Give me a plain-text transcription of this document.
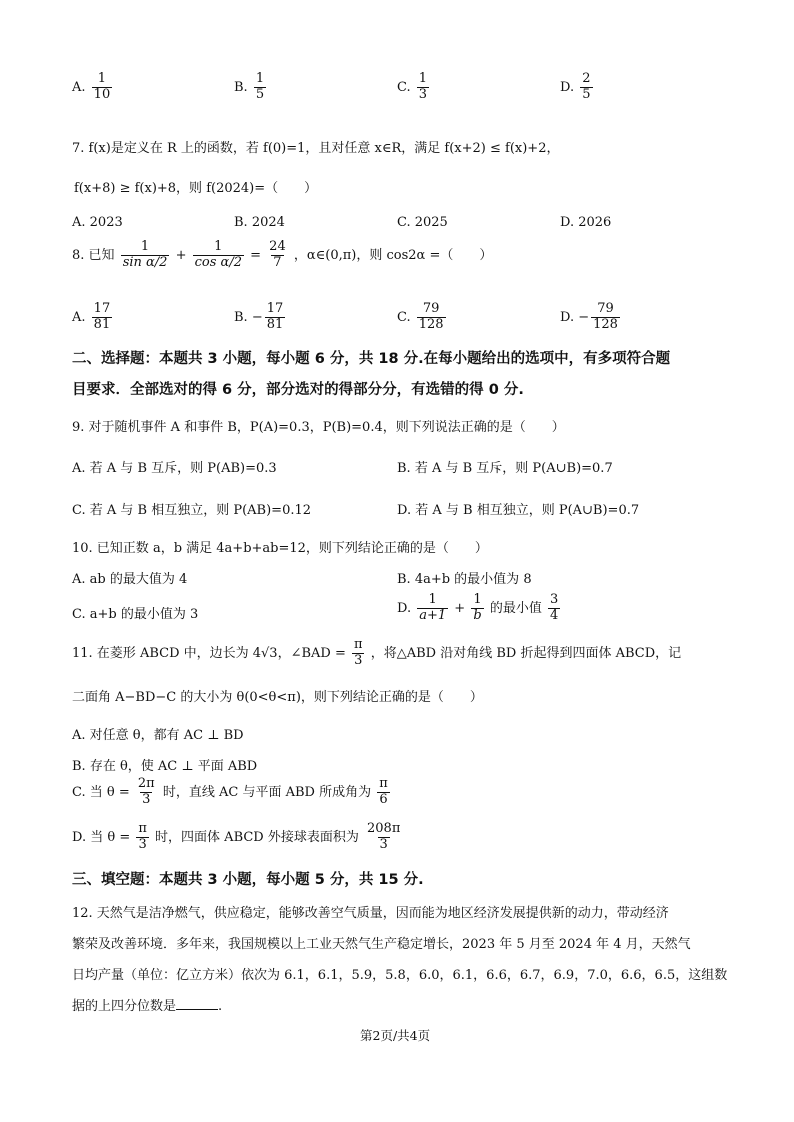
A. $\frac{1}{10}$	B. $\frac{1}{5}$	C. $\frac{1}{3}$	D. $\frac{2}{5}$
7. f(x)是定义在 R 上的函数，若 f(0)=1，且对任意 x∈R，满足 f(x+2) ≤ f(x)+2，
f(x+8) ≥ f(x)+8，则 f(2024)=（　　）
A. 2023	B. 2024	C. 2025	D. 2026
8. 已知 $\frac{1}{\text{sin α/2}} + \frac{1}{\text{cos α/2}} = \frac{24}{7}$ ，α∈(0,π)，则 cos2α =（　　）
A. $\frac{17}{81}$	B. − $\frac{17}{81}$	C. $\frac{79}{128}$	D. − $\frac{79}{128}$
二、选择题：本题共 3 小题，每小题 6 分，共 18 分.在每小题给出的选项中，有多项符合题
目要求．全部选对的得 6 分，部分选对的得部分分，有选错的得 0 分.
9. 对于随机事件 A 和事件 B，P(A)=0.3，P(B)=0.4，则下列说法正确的是（　　）
A. 若 A 与 B 互斥，则 P(AB)=0.3	B. 若 A 与 B 互斥，则 P(A∪B)=0.7
C. 若 A 与 B 相互独立，则 P(AB)=0.12	D. 若 A 与 B 相互独立，则 P(A∪B)=0.7
10. 已知正数 a，b 满足 4a+b+ab=12，则下列结论正确的是（　　）
A. ab 的最大值为 4	B. 4a+b 的最小值为 8
C. a+b 的最小值为 3	D. $\frac{1}{a+1} + \frac{1}{b}$ 的最小值 $\frac{3}{4}$
11. 在菱形 ABCD 中，边长为 4√3，∠BAD = $\frac{\pi}{3}$ ，将△ABD 沿对角线 BD 折起得到四面体 ABCD，记
二面角 A−BD−C 的大小为 θ(0<θ<π)，则下列结论正确的是（　　）
A. 对任意 θ，都有 AC ⊥ BD
B. 存在 θ，使 AC ⊥ 平面 ABD
C. 当 $\theta = \frac{2\pi}{3}$ 时，直线 AC 与平面 ABD 所成角为 $\frac{\pi}{6}$
D. 当 $\theta = \frac{\pi}{3}$ 时，四面体 ABCD 外接球表面积为 $\frac{208\pi}{3}$
三、填空题：本题共 3 小题，每小题 5 分，共 15 分.
12. 天然气是洁净燃气，供应稳定，能够改善空气质量，因而能为地区经济发展提供新的动力，带动经济
繁荣及改善环境．多年来，我国规模以上工业天然气生产稳定增长，2023 年 5 月至 2024 年 4 月，天然气
日均产量（单位：亿立方米）依次为 6.1，6.1，5.9，5.8，6.0，6.1，6.6，6.7，6.9，7.0，6.6，6.5，这组数
据的上四分位数是	.
第2页/共4页
